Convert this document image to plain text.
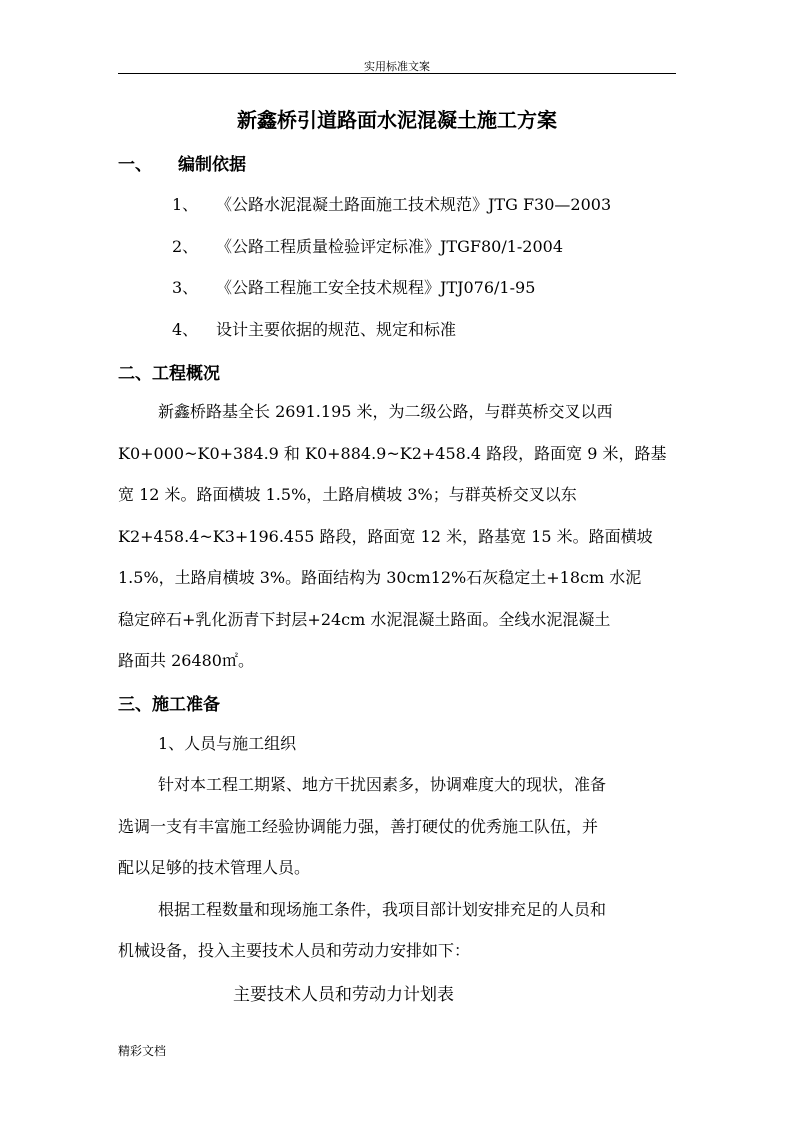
实用标准文案
新鑫桥引道路面水泥混凝土施工方案
一、 编制依据
1、 《公路水泥混凝土路面施工技术规范》JTG F30—2003
2、 《公路工程质量检验评定标准》JTGF80/1-2004
3、 《公路工程施工安全技术规程》JTJ076/1-95
4、 设计主要依据的规范、规定和标准
二、工程概况
新鑫桥路基全长 2691.195 米，为二级公路，与群英桥交叉以西
K0+000~K0+384.9 和 K0+884.9~K2+458.4 路段，路面宽 9 米，路基
宽 12 米。路面横坡 1.5%，土路肩横坡 3%；与群英桥交叉以东
K2+458.4~K3+196.455 路段，路面宽 12 米，路基宽 15 米。路面横坡
1.5%，土路肩横坡 3%。路面结构为 30cm12%石灰稳定土+18cm 水泥
稳定碎石+乳化沥青下封层+24cm 水泥混凝土路面。全线水泥混凝土
路面共 26480㎡。
三、施工准备
1、人员与施工组织
针对本工程工期紧、地方干扰因素多，协调难度大的现状，准备
选调一支有丰富施工经验协调能力强，善打硬仗的优秀施工队伍，并
配以足够的技术管理人员。
根据工程数量和现场施工条件，我项目部计划安排充足的人员和
机械设备，投入主要技术人员和劳动力安排如下：
主要技术人员和劳动力计划表
精彩文档
